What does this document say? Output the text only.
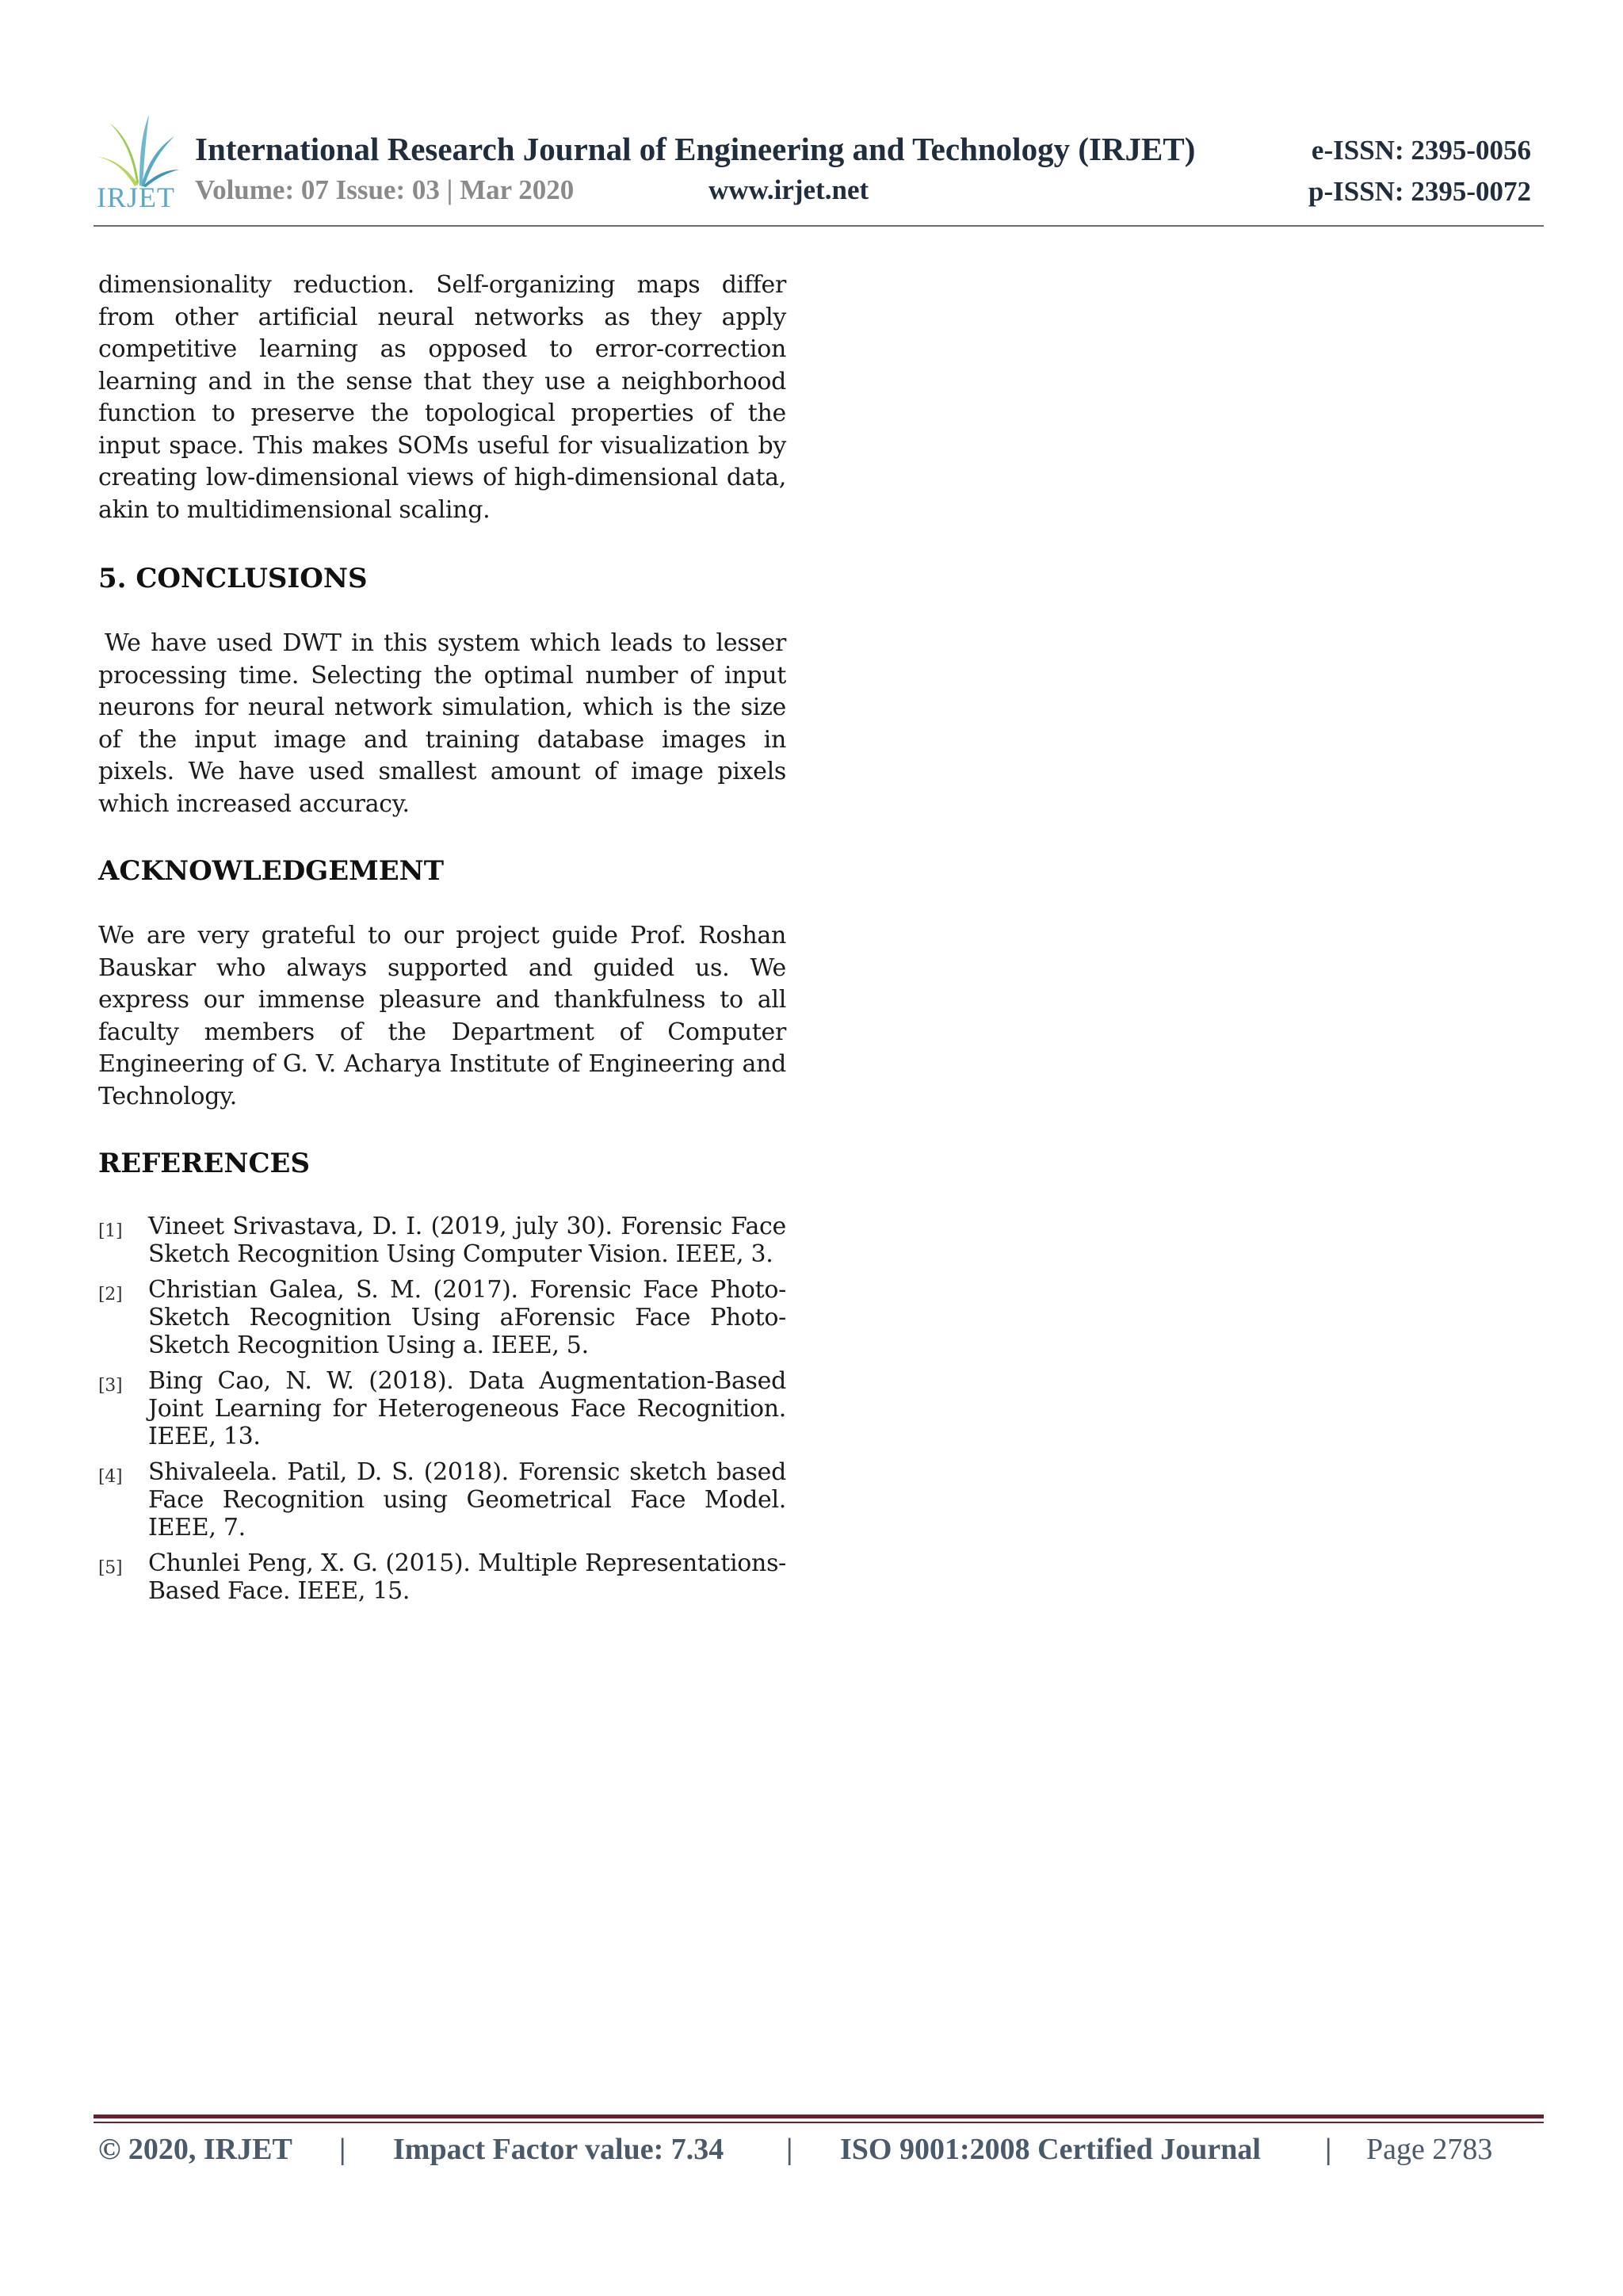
IRJET
International Research Journal of Engineering and Technology (IRJET)
Volume: 07 Issue: 03 | Mar 2020	www.irjet.net
e-ISSN: 2395-0056
p-ISSN: 2395-0072

dimensionality reduction. Self-organizing maps differ from other artificial neural networks as they apply competitive learning as opposed to error-correction learning and in the sense that they use a neighborhood function to preserve the topological properties of the input space. This makes SOMs useful for visualization by creating low-dimensional views of high-dimensional data, akin to multidimensional scaling.

5. CONCLUSIONS

We have used DWT in this system which leads to lesser processing time. Selecting the optimal number of input neurons for neural network simulation, which is the size of the input image and training database images in pixels. We have used smallest amount of image pixels which increased accuracy.

ACKNOWLEDGEMENT

We are very grateful to our project guide Prof. Roshan Bauskar who always supported and guided us. We express our immense pleasure and thankfulness to all faculty members of the Department of Computer Engineering of G. V. Acharya Institute of Engineering and Technology.

REFERENCES
[1] Vineet Srivastava, D. I. (2019, july 30). Forensic Face Sketch Recognition Using Computer Vision. IEEE, 3.
[2] Christian Galea, S. M. (2017). Forensic Face Photo-Sketch Recognition Using aForensic Face Photo-Sketch Recognition Using a. IEEE, 5.
[3] Bing Cao, N. W. (2018). Data Augmentation-Based Joint Learning for Heterogeneous Face Recognition. IEEE, 13.
[4] Shivaleela. Patil, D. S. (2018). Forensic sketch based Face Recognition using Geometrical Face Model. IEEE, 7.
[5] Chunlei Peng, X. G. (2015). Multiple Representations-Based Face. IEEE, 15.
© 2020, IRJET | Impact Factor value: 7.34 | ISO 9001:2008 Certified Journal | Page 2783
